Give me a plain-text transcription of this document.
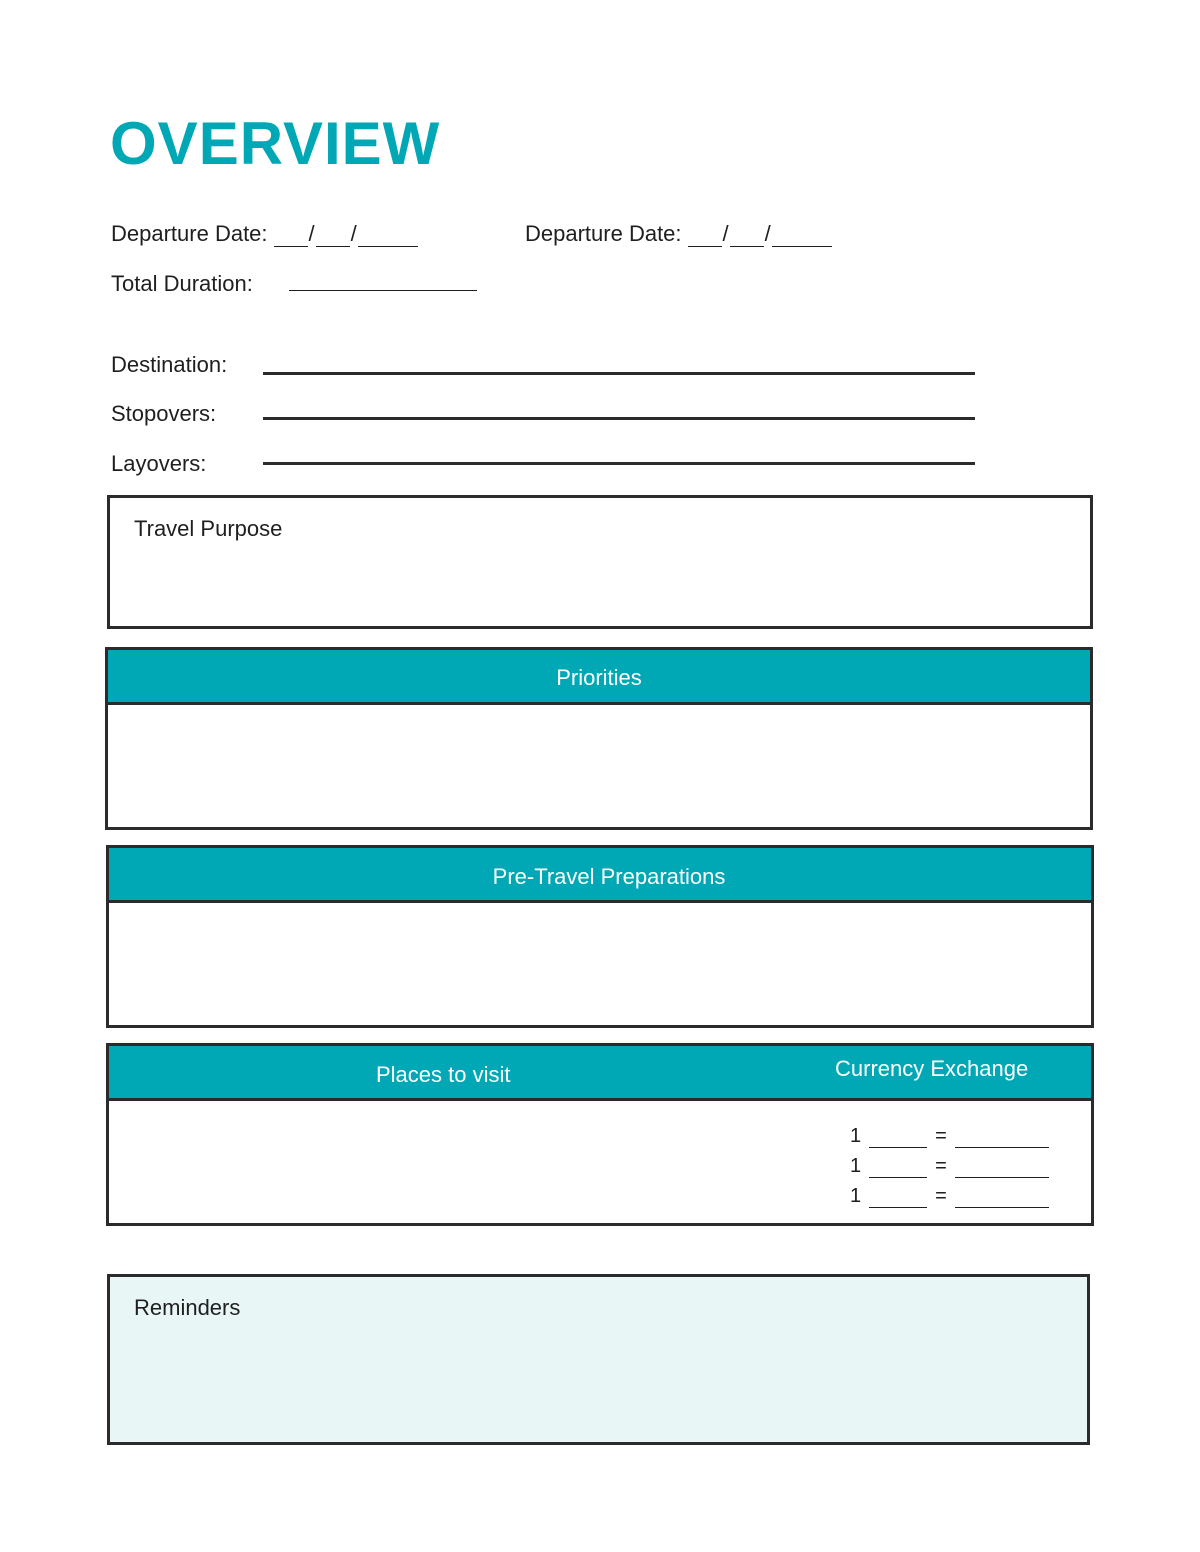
OVERVIEW
Departure Date: / /	Departure Date: / /
Total Duration:
Destination:
Stopovers:
Layovers:
Travel Purpose
Priorities
Pre-Travel Preparations
Places to visit	Currency Exchange
1	=
1	=
1	=
Reminders
